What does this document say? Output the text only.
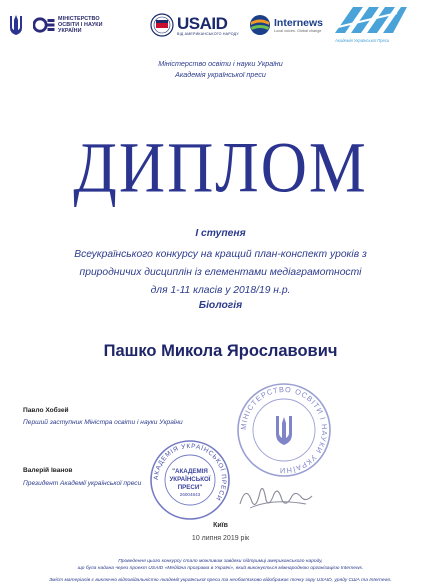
МІНІСТЕРСТВО
ОСВІТИ І НАУКИ
УКРАЇНИ	USAID
ВІД АМЕРИКАНСЬКОГО НАРОДУ
Internews
Local voices. Global change
Академія Української Преси
Міністерство освіти і науки України
Академія української преси
ДИПЛОМ
І ступеня
Всеукраїнського конкурсу на кращий план-конспект уроків з
природничих дисциплін із елементами медіаграмотності
для 1-11 класів у 2018/19 н.р.
Біологія
Пашко Микола Ярославович
Павло Хобзей
Перший заступник Міністра освіти і науки України
Валерій Іванов
Президент Академії української преси
МІНІСТЕРСТВО ОСВІТИ І НАУКИ УКРАЇНИ
АКАДЕМІЯ УКРАЇНСЬКОЇ ПРЕСИ
"АКАДЕМІЯ
УКРАЇНСЬКОЇ
ПРЕСИ"
26004843
Київ
10 липня 2019 рік
Проведення цього конкурсу стало можливим завдяки підтримці американського народу,
що була надана через проект USAID «Медійна програма в Україні», який виконується міжнародною організацією Internews.
Зміст матеріалів є виключно відповідальністю Академії української преси та необов'язково відображає точку зору USAID, уряду США та Internews.
